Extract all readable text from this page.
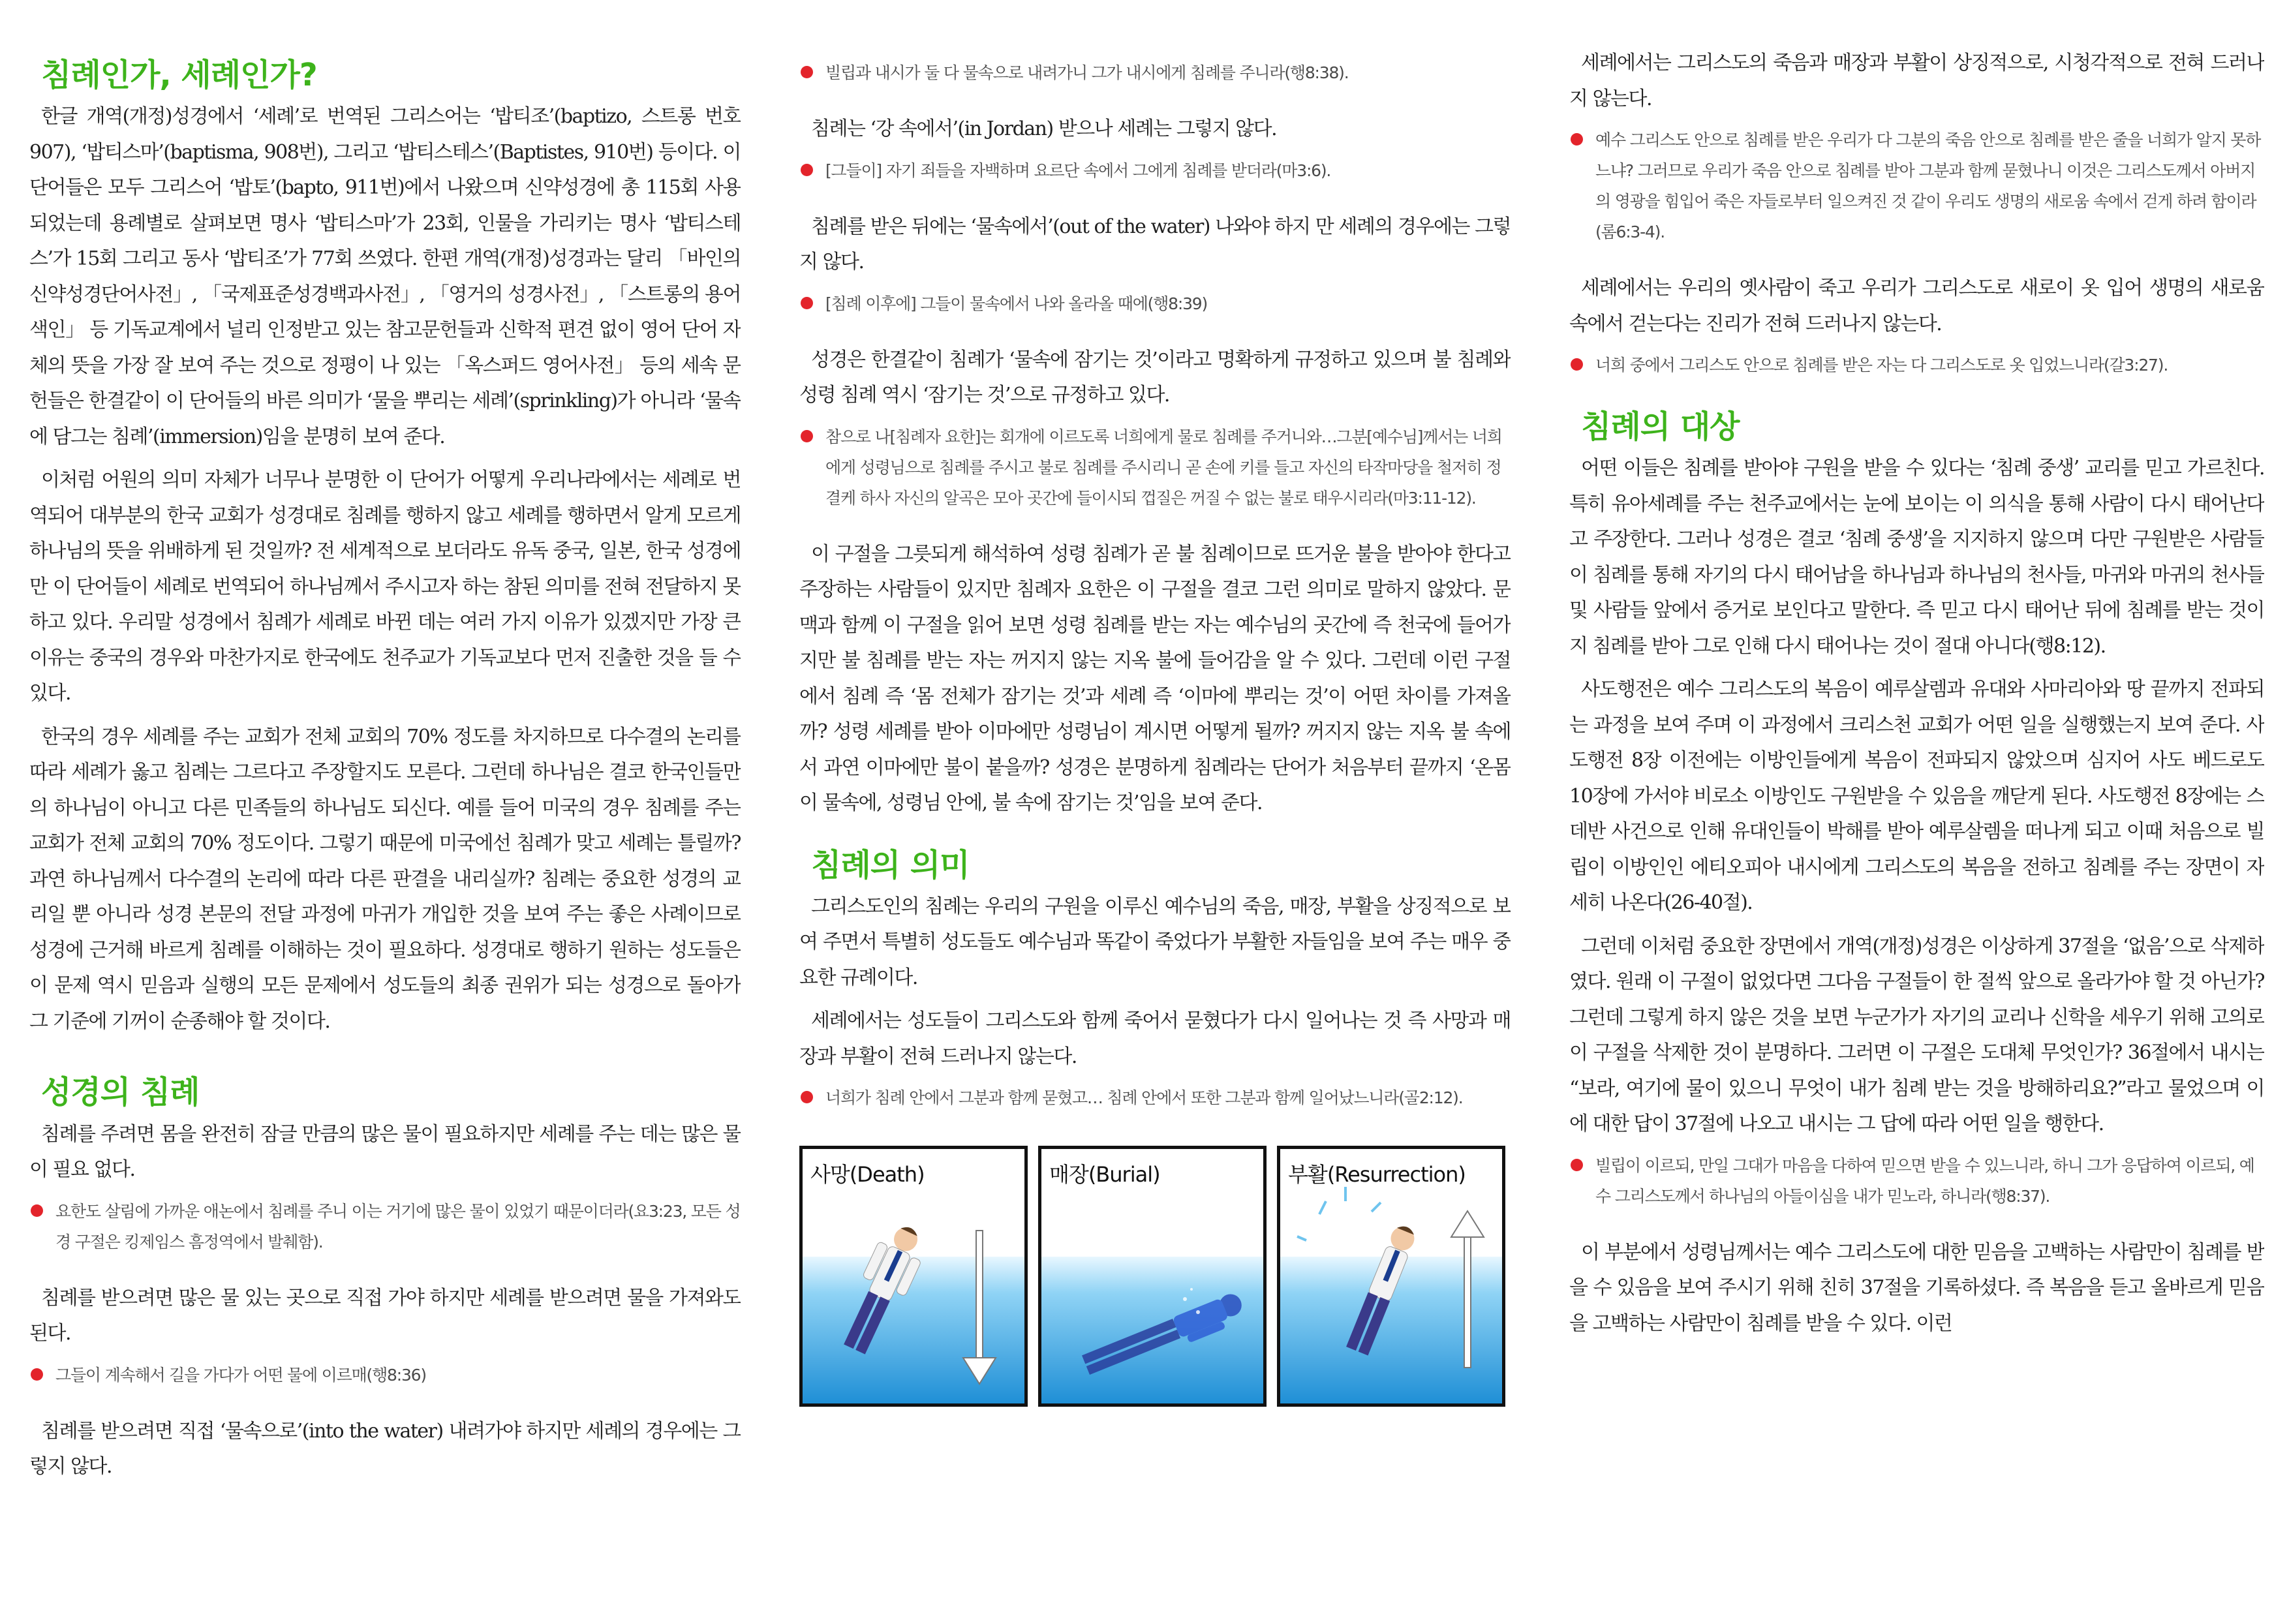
침례인가, 세례인가?

한글 개역(개정)성경에서 ‘세례’로 번역된 그리스어는 ‘밥티조’(baptizo, 스트롱 번호 907), ‘밥티스마’(baptisma, 908번), 그리고 ‘밥티스테스’(Baptistes, 910번) 등이다. 이 단어들은 모두 그리스어 ‘밥토’(bapto, 911번)에서 나왔으며 신약성경에 총 115회 사용되었는데 용례별로 살펴보면 명사 ‘밥티스마’가 23회, 인물을 가리키는 명사 ‘밥티스테스’가 15회 그리고 동사 ‘밥티조’가 77회 쓰였다. 한편 개역(개정)성경과는 달리 「바인의 신약성경단어사전」, 「국제표준성경백과사전」, 「영거의 성경사전」, 「스트롱의 용어색인」 등 기독교계에서 널리 인정받고 있는 참고문헌들과 신학적 편견 없이 영어 단어 자체의 뜻을 가장 잘 보여 주는 것으로 정평이 나 있는 「옥스퍼드 영어사전」 등의 세속 문헌들은 한결같이 이 단어들의 바른 의미가 ‘물을 뿌리는 세례’(sprinkling)가 아니라 ‘물속에 담그는 침례’(immersion)임을 분명히 보여 준다.

이처럼 어원의 의미 자체가 너무나 분명한 이 단어가 어떻게 우리나라에서는 세례로 번역되어 대부분의 한국 교회가 성경대로 침례를 행하지 않고 세례를 행하면서 알게 모르게 하나님의 뜻을 위배하게 된 것일까? 전 세계적으로 보더라도 유독 중국, 일본, 한국 성경에만 이 단어들이 세례로 번역되어 하나님께서 주시고자 하는 참된 의미를 전혀 전달하지 못하고 있다. 우리말 성경에서 침례가 세례로 바뀐 데는 여러 가지 이유가 있겠지만 가장 큰 이유는 중국의 경우와 마찬가지로 한국에도 천주교가 기독교보다 먼저 진출한 것을 들 수 있다.

한국의 경우 세례를 주는 교회가 전체 교회의 70% 정도를 차지하므로 다수결의 논리를 따라 세례가 옳고 침례는 그르다고 주장할지도 모른다. 그런데 하나님은 결코 한국인들만의 하나님이 아니고 다른 민족들의 하나님도 되신다. 예를 들어 미국의 경우 침례를 주는 교회가 전체 교회의 70% 정도이다. 그렇기 때문에 미국에선 침례가 맞고 세례는 틀릴까? 과연 하나님께서 다수결의 논리에 따라 다른 판결을 내리실까? 침례는 중요한 성경의 교리일 뿐 아니라 성경 본문의 전달 과정에 마귀가 개입한 것을 보여 주는 좋은 사례이므로 성경에 근거해 바르게 침례를 이해하는 것이 필요하다. 성경대로 행하기 원하는 성도들은 이 문제 역시 믿음과 실행의 모든 문제에서 성도들의 최종 권위가 되는 성경으로 돌아가 그 기준에 기꺼이 순종해야 할 것이다.

성경의 침례

침례를 주려면 몸을 완전히 잠글 만큼의 많은 물이 필요하지만 세례를 주는 데는 많은 물이 필요 없다.

요한도 살림에 가까운 애논에서 침례를 주니 이는 거기에 많은 물이 있었기 때문이더라(요3:23, 모든 성경 구절은 킹제임스 흠정역에서 발췌함).

침례를 받으려면 많은 물 있는 곳으로 직접 가야 하지만 세례를 받으려면 물을 가져와도 된다.

그들이 계속해서 길을 가다가 어떤 물에 이르매(행8:36)

침례를 받으려면 직접 ‘물속으로’(into the water) 내려가야 하지만 세례의 경우에는 그렇지 않다.

빌립과 내시가 둘 다 물속으로 내려가니 그가 내시에게 침례를 주니라(행8:38).

침례는 ‘강 속에서’(in Jordan) 받으나 세례는 그렇지 않다.

[그들이] 자기 죄들을 자백하며 요르단 속에서 그에게 침례를 받더라(마3:6).

침례를 받은 뒤에는 ‘물속에서’(out of the water) 나와야 하지 만 세례의 경우에는 그렇지 않다.

[침례 이후에] 그들이 물속에서 나와 올라올 때에(행8:39)

성경은 한결같이 침례가 ‘물속에 잠기는 것’이라고 명확하게 규정하고 있으며 불 침례와 성령 침례 역시 ‘잠기는 것’으로 규정하고 있다.

참으로 나[침례자 요한]는 회개에 이르도록 너희에게 물로 침례를 주거니와…그분[예수님]께서는 너희에게 성령님으로 침례를 주시고 불로 침례를 주시리니 곧 손에 키를 들고 자신의 타작마당을 철저히 정결케 하사 자신의 알곡은 모아 곳간에 들이시되 껍질은 꺼질 수 없는 불로 태우시리라(마3:11-12).

이 구절을 그릇되게 해석하여 성령 침례가 곧 불 침례이므로 뜨거운 불을 받아야 한다고 주장하는 사람들이 있지만 침례자 요한은 이 구절을 결코 그런 의미로 말하지 않았다. 문맥과 함께 이 구절을 읽어 보면 성령 침례를 받는 자는 예수님의 곳간에 즉 천국에 들어가지만 불 침례를 받는 자는 꺼지지 않는 지옥 불에 들어감을 알 수 있다. 그런데 이런 구절에서 침례 즉 ‘몸 전체가 잠기는 것’과 세례 즉 ‘이마에 뿌리는 것’이 어떤 차이를 가져올까? 성령 세례를 받아 이마에만 성령님이 계시면 어떻게 될까? 꺼지지 않는 지옥 불 속에서 과연 이마에만 불이 붙을까? 성경은 분명하게 침례라는 단어가 처음부터 끝까지 ‘온몸이 물속에, 성령님 안에, 불 속에 잠기는 것’임을 보여 준다.

침례의 의미

그리스도인의 침례는 우리의 구원을 이루신 예수님의 죽음, 매장, 부활을 상징적으로 보여 주면서 특별히 성도들도 예수님과 똑같이 죽었다가 부활한 자들임을 보여 주는 매우 중요한 규례이다.

세례에서는 성도들이 그리스도와 함께 죽어서 묻혔다가 다시 일어나는 것 즉 사망과 매장과 부활이 전혀 드러나지 않는다.

너희가 침례 안에서 그분과 함께 묻혔고… 침례 안에서 또한 그분과 함께 일어났느니라(골2:12).
사망(Death)	매장(Burial)	부활(Resurrection)

세례에서는 그리스도의 죽음과 매장과 부활이 상징적으로, 시청각적으로 전혀 드러나지 않는다.

예수 그리스도 안으로 침례를 받은 우리가 다 그분의 죽음 안으로 침례를 받은 줄을 너희가 알지 못하느냐? 그러므로 우리가 죽음 안으로 침례를 받아 그분과 함께 묻혔나니 이것은 그리스도께서 아버지의 영광을 힘입어 죽은 자들로부터 일으켜진 것 같이 우리도 생명의 새로움 속에서 걷게 하려 함이라(롬6:3-4).

세례에서는 우리의 옛사람이 죽고 우리가 그리스도로 새로이 옷 입어 생명의 새로움 속에서 걷는다는 진리가 전혀 드러나지 않는다.

너희 중에서 그리스도 안으로 침례를 받은 자는 다 그리스도로 옷 입었느니라(갈3:27).
침례의 대상

어떤 이들은 침례를 받아야 구원을 받을 수 있다는 ‘침례 중생’ 교리를 믿고 가르친다. 특히 유아세례를 주는 천주교에서는 눈에 보이는 이 의식을 통해 사람이 다시 태어난다고 주장한다. 그러나 성경은 결코 ‘침례 중생’을 지지하지 않으며 다만 구원받은 사람들이 침례를 통해 자기의 다시 태어남을 하나님과 하나님의 천사들, 마귀와 마귀의 천사들 및 사람들 앞에서 증거로 보인다고 말한다. 즉 믿고 다시 태어난 뒤에 침례를 받는 것이지 침례를 받아 그로 인해 다시 태어나는 것이 절대 아니다(행8:12).

사도행전은 예수 그리스도의 복음이 예루살렘과 유대와 사마리아와 땅 끝까지 전파되는 과정을 보여 주며 이 과정에서 크리스천 교회가 어떤 일을 실행했는지 보여 준다. 사도행전 8장 이전에는 이방인들에게 복음이 전파되지 않았으며 심지어 사도 베드로도 10장에 가서야 비로소 이방인도 구원받을 수 있음을 깨닫게 된다. 사도행전 8장에는 스데반 사건으로 인해 유대인들이 박해를 받아 예루살렘을 떠나게 되고 이때 처음으로 빌립이 이방인인 에티오피아 내시에게 그리스도의 복음을 전하고 침례를 주는 장면이 자세히 나온다(26-40절).

그런데 이처럼 중요한 장면에서 개역(개정)성경은 이상하게 37절을 ‘없음’으로 삭제하였다. 원래 이 구절이 없었다면 그다음 구절들이 한 절씩 앞으로 올라가야 할 것 아닌가? 그런데 그렇게 하지 않은 것을 보면 누군가가 자기의 교리나 신학을 세우기 위해 고의로 이 구절을 삭제한 것이 분명하다. 그러면 이 구절은 도대체 무엇인가? 36절에서 내시는 “보라, 여기에 물이 있으니 무엇이 내가 침례 받는 것을 방해하리요?”라고 물었으며 이에 대한 답이 37절에 나오고 내시는 그 답에 따라 어떤 일을 행한다.

빌립이 이르되, 만일 그대가 마음을 다하여 믿으면 받을 수 있느니라, 하니 그가 응답하여 이르되, 예수 그리스도께서 하나님의 아들이심을 내가 믿노라, 하니라(행8:37).

이 부분에서 성령님께서는 예수 그리스도에 대한 믿음을 고백하는 사람만이 침례를 받을 수 있음을 보여 주시기 위해 친히 37절을 기록하셨다. 즉 복음을 듣고 올바르게 믿음을 고백하는 사람만이 침례를 받을 수 있다. 이런
